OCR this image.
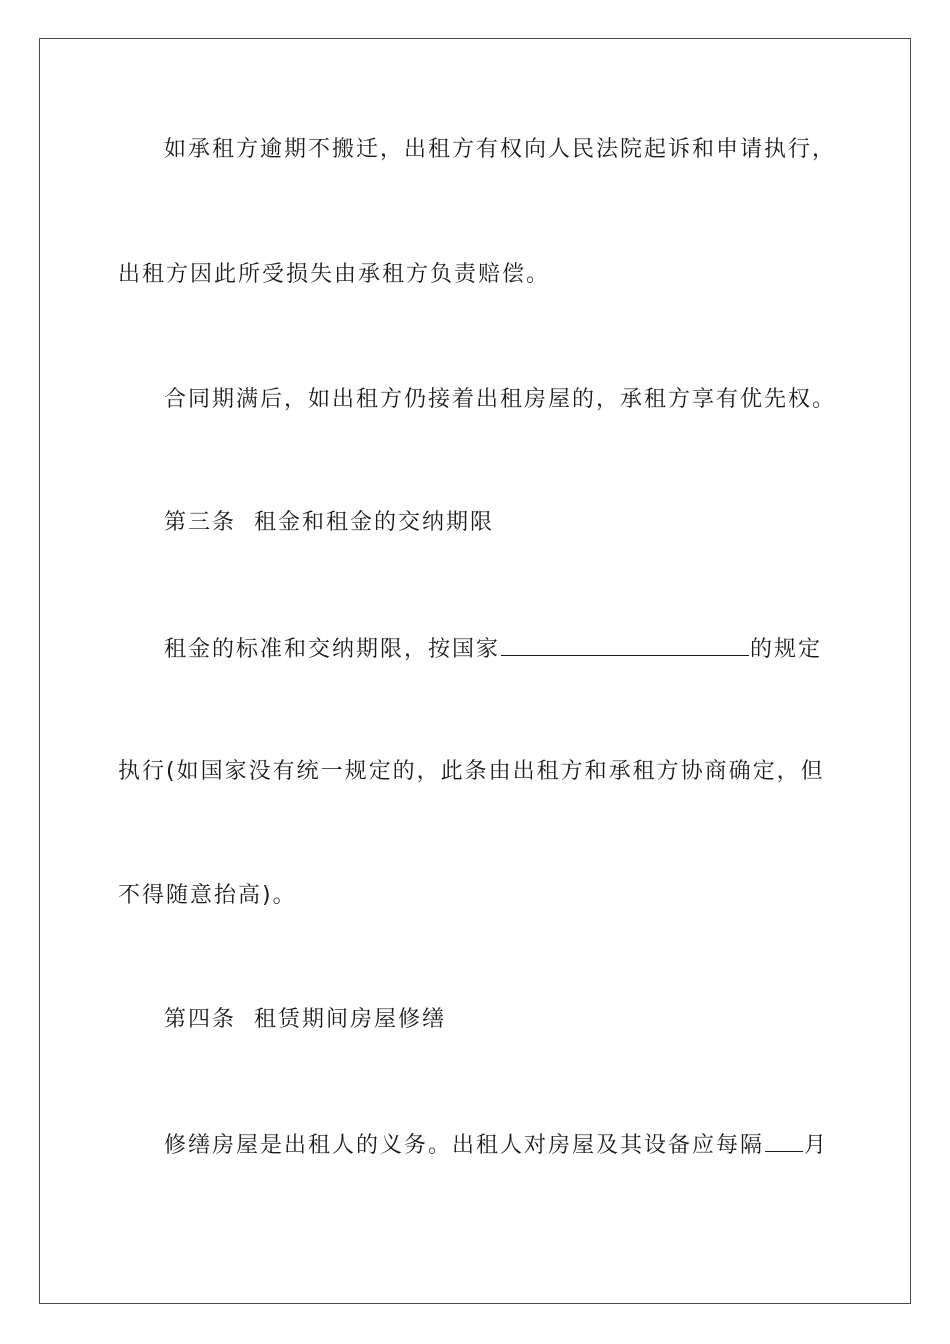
如承租方逾期不搬迁，出租方有权向人民法院起诉和申请执行，
出租方因此所受损失由承租方负责赔偿。
合同期满后，如出租方仍接着出租房屋的，承租方享有优先权。
第三条  租金和租金的交纳期限
租金的标准和交纳期限，按国家	的规定
执行(如国家没有统一规定的，此条由出租方和承租方协商确定，但
不得随意抬高)。
第四条  租赁期间房屋修缮
修缮房屋是出租人的义务。出租人对房屋及其设备应每隔 月
